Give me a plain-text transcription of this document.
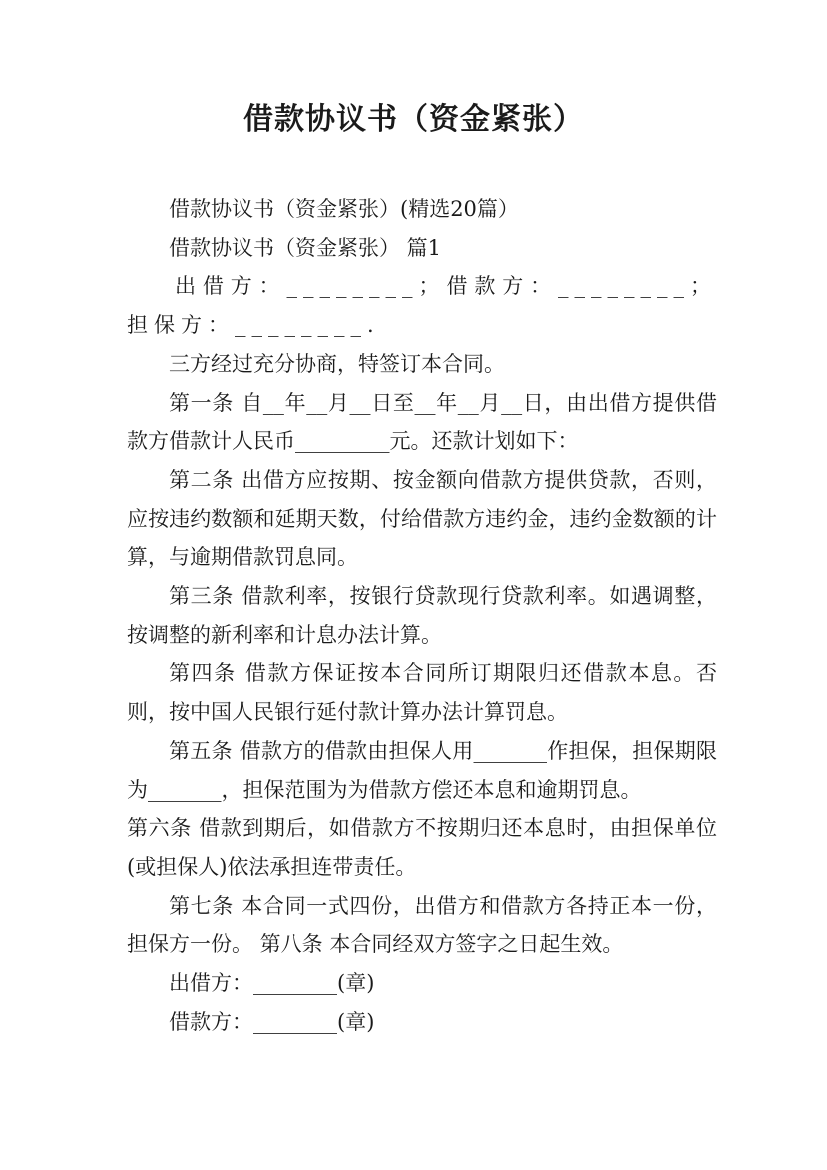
借款协议书（资金紧张）

借款协议书（资金紧张）(精选20篇）

借款协议书（资金紧张） 篇1

出借方：________；借款方：________；担保方：________.

三方经过充分协商，特签订本合同。

第一条 自__年__月__日至__年__月__日，由出借方提供借款方借款计人民币_________元。还款计划如下：

第二条 出借方应按期、按金额向借款方提供贷款，否则，应按违约数额和延期天数，付给借款方违约金，违约金数额的计算，与逾期借款罚息同。

第三条 借款利率，按银行贷款现行贷款利率。如遇调整，按调整的新利率和计息办法计算。

第四条 借款方保证按本合同所订期限归还借款本息。否则，按中国人民银行延付款计算办法计算罚息。

第五条 借款方的借款由担保人用_______作担保，担保期限为_______，担保范围为为借款方偿还本息和逾期罚息。

第六条 借款到期后，如借款方不按期归还本息时，由担保单位(或担保人)依法承担连带责任。

第七条 本合同一式四份，出借方和借款方各持正本一份，担保方一份。 第八条 本合同经双方签字之日起生效。

出借方：________(章)

借款方：________(章)
